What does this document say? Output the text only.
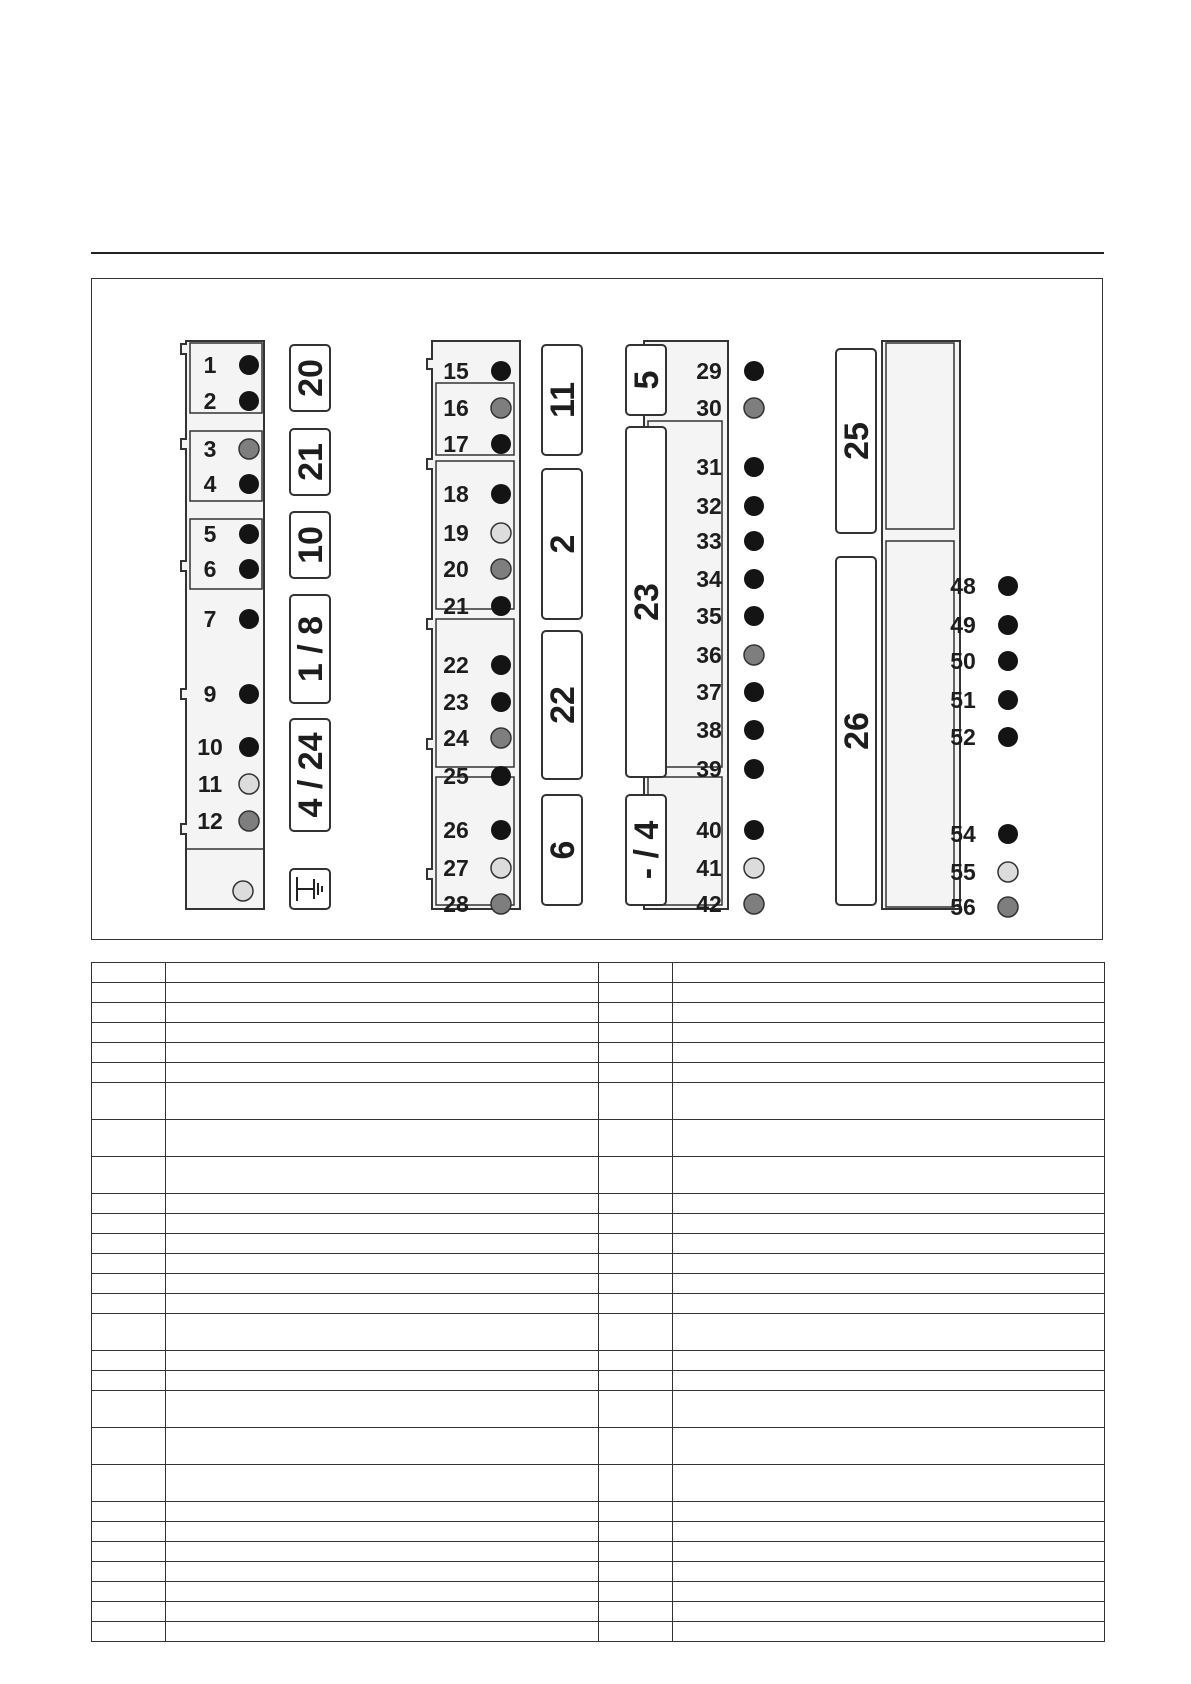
20
21
10
1 / 8
4 / 24
11
2
22
6
5
23
- / 4
25
26
1
2
3
4
5
6
7
9
10
11
12
15
16
17
18
19
20
21
22
23
24
25
26
27
28
29
30
31
32
33
34
35
36
37
38
39
40
41
42
48
49
50
51
52
54
55
56
